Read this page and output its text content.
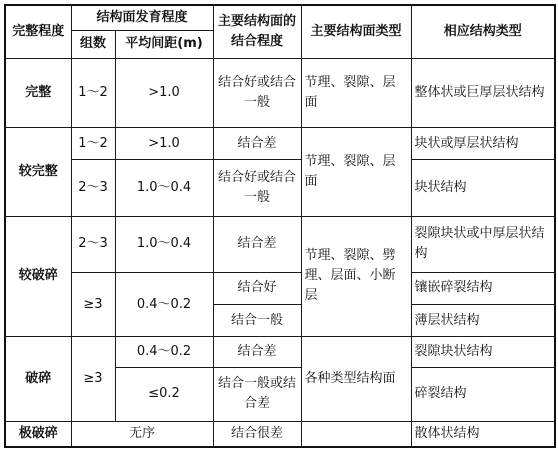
完整程度	结构面发育程度		主要结构面的结合程度	主要结构面类型	相应结构类型
	组数	平均间距(m)			
完整	1～2	>1.0	结合好或结合一般	节理、裂隙、层面	整体状或巨厚层状结构
较完整	1～2	>1.0	结合差	节理、裂隙、层面	块状或厚层状结构
	2～3	1.0～0.4	结合好或结合一般		块状结构
较破碎	2～3	1.0～0.4	结合差	节理、裂隙、劈理、层面、小断层	裂隙块状或中厚层状结构
	≥3	0.4～0.2	结合好		镶嵌碎裂结构
			结合一般		薄层状结构
破碎	≥3	0.4～0.2	结合差	各种类型结构面	裂隙块状结构
		≤0.2	结合一般或结合差		碎裂结构
极破碎	无序		结合很差		散体状结构
